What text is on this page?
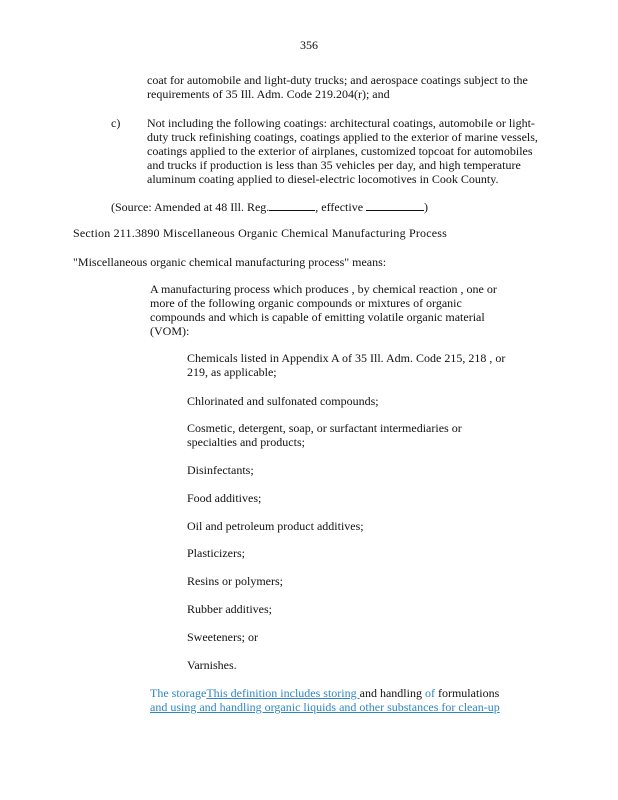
356
coat for automobile and light-duty trucks; and aerospace coatings subject to the requirements of 35 Ill. Adm. Code 219.204(r); and
c) Not including the following coatings: architectural coatings, automobile or light-
duty truck refinishing coatings, coatings applied to the exterior of marine vessels,
coatings applied to the exterior of airplanes, customized topcoat for automobiles
and trucks if production is less than 35 vehicles per day, and high temperature
aluminum coating applied to diesel-electric locomotives in Cook County.
(Source: Amended at 48 Ill. Reg.	, effective	)
Section 211.3890 Miscellaneous Organic Chemical Manufacturing Process
"Miscellaneous organic chemical manufacturing process" means:
A manufacturing process which produces , by chemical reaction , one or
more of the following organic compounds or mixtures of organic
compounds and which is capable of emitting volatile organic material
(VOM):
Chemicals listed in Appendix A of 35 Ill. Adm. Code 215, 218 , or
219, as applicable;
Chlorinated and sulfonated compounds;
Cosmetic, detergent, soap, or surfactant intermediaries or
specialties and products;
Disinfectants;
Food additives;
Oil and petroleum product additives;
Plasticizers;
Resins or polymers;
Rubber additives;
Sweeteners; or
Varnishes.
The storageThis definition includes storing and handling of formulations
and using and handling organic liquids and other substances for clean-up
